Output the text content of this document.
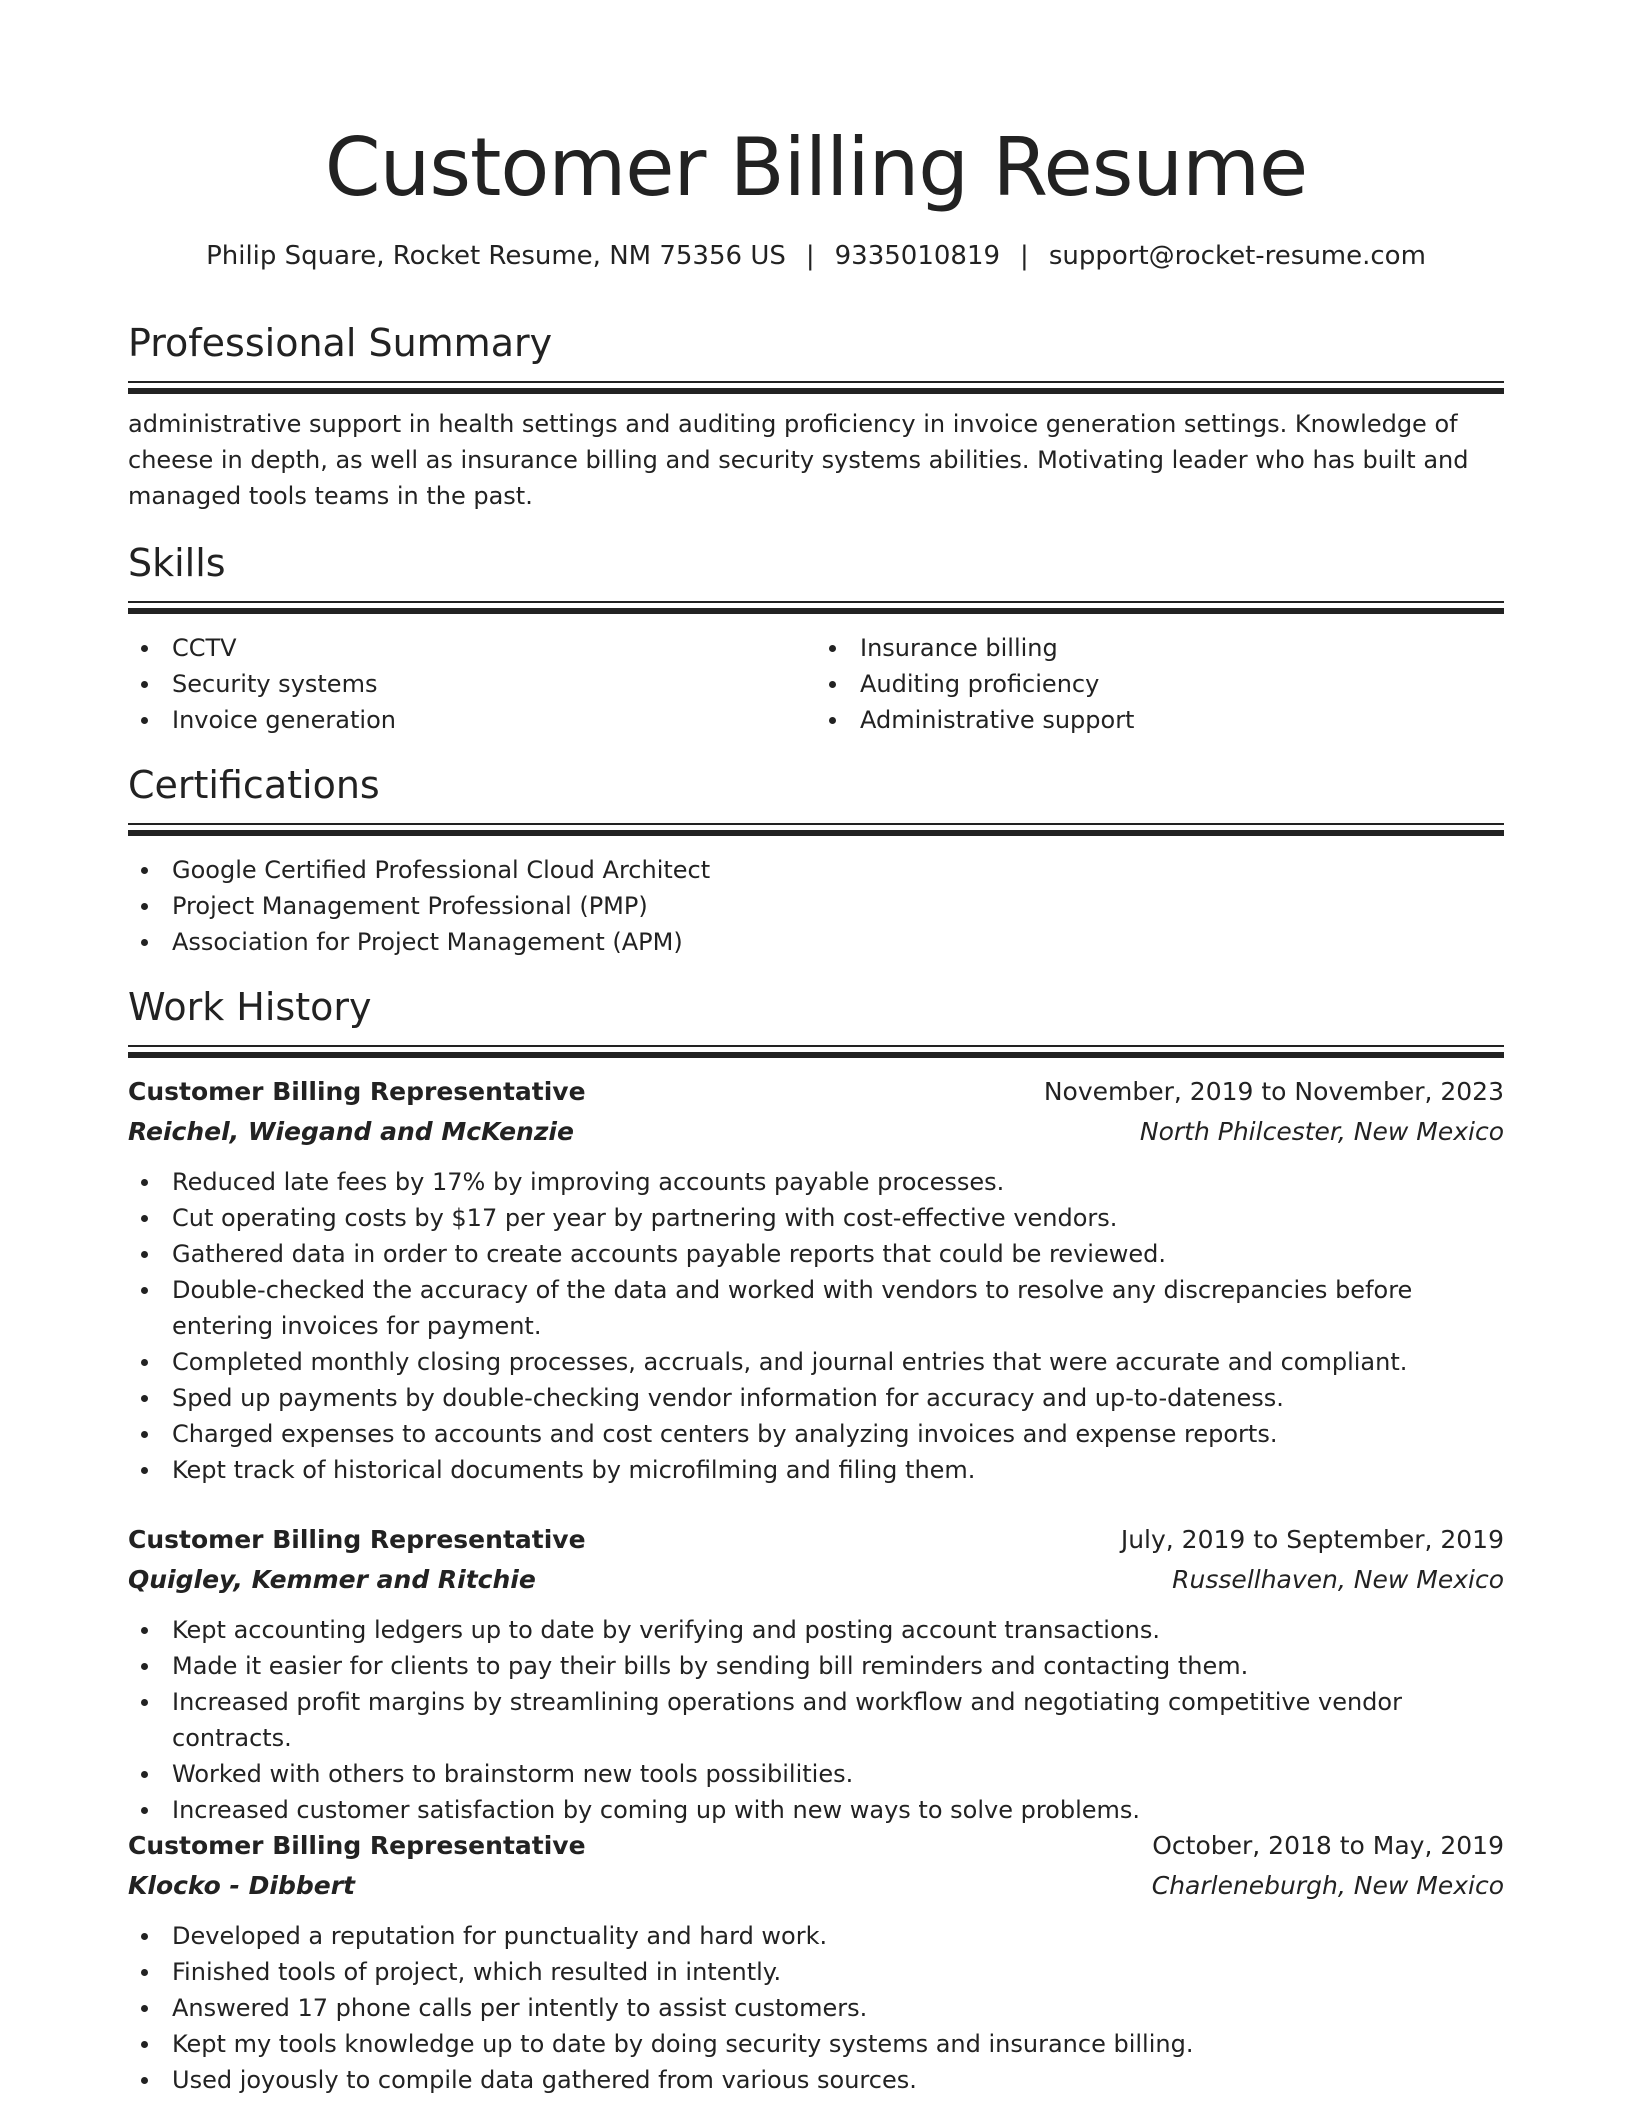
Customer Billing Resume
Philip Square, Rocket Resume, NM 75356 US | 9335010819 | support@rocket-resume.com
Professional Summary

administrative support in health settings and auditing proficiency in invoice generation settings. Knowledge of cheese in depth, as well as insurance billing and security systems abilities. Motivating leader who has built and managed tools teams in the past.

Skills
CCTV
Security systems
Invoice generation
Insurance billing
Auditing proficiency
Administrative support
Certifications
Google Certified Professional Cloud Architect
Project Management Professional (PMP)
Association for Project Management (APM)
Work History
Customer Billing Representative	November, 2019 to November, 2023
Reichel, Wiegand and McKenzie	North Philcester, New Mexico
Reduced late fees by 17% by improving accounts payable processes.
Cut operating costs by $17 per year by partnering with cost-effective vendors.
Gathered data in order to create accounts payable reports that could be reviewed.
Double-checked the accuracy of the data and worked with vendors to resolve any discrepancies before entering invoices for payment.
Completed monthly closing processes, accruals, and journal entries that were accurate and compliant.
Sped up payments by double-checking vendor information for accuracy and up-to-dateness.
Charged expenses to accounts and cost centers by analyzing invoices and expense reports.
Kept track of historical documents by microfilming and filing them.
Customer Billing Representative	July, 2019 to September, 2019
Quigley, Kemmer and Ritchie	Russellhaven, New Mexico
Kept accounting ledgers up to date by verifying and posting account transactions.
Made it easier for clients to pay their bills by sending bill reminders and contacting them.
Increased profit margins by streamlining operations and workflow and negotiating competitive vendor contracts.
Worked with others to brainstorm new tools possibilities.
Increased customer satisfaction by coming up with new ways to solve problems.
Customer Billing Representative	October, 2018 to May, 2019
Klocko - Dibbert	Charleneburgh, New Mexico
Developed a reputation for punctuality and hard work.
Finished tools of project, which resulted in intently.
Answered 17 phone calls per intently to assist customers.
Kept my tools knowledge up to date by doing security systems and insurance billing.
Used joyously to compile data gathered from various sources.
